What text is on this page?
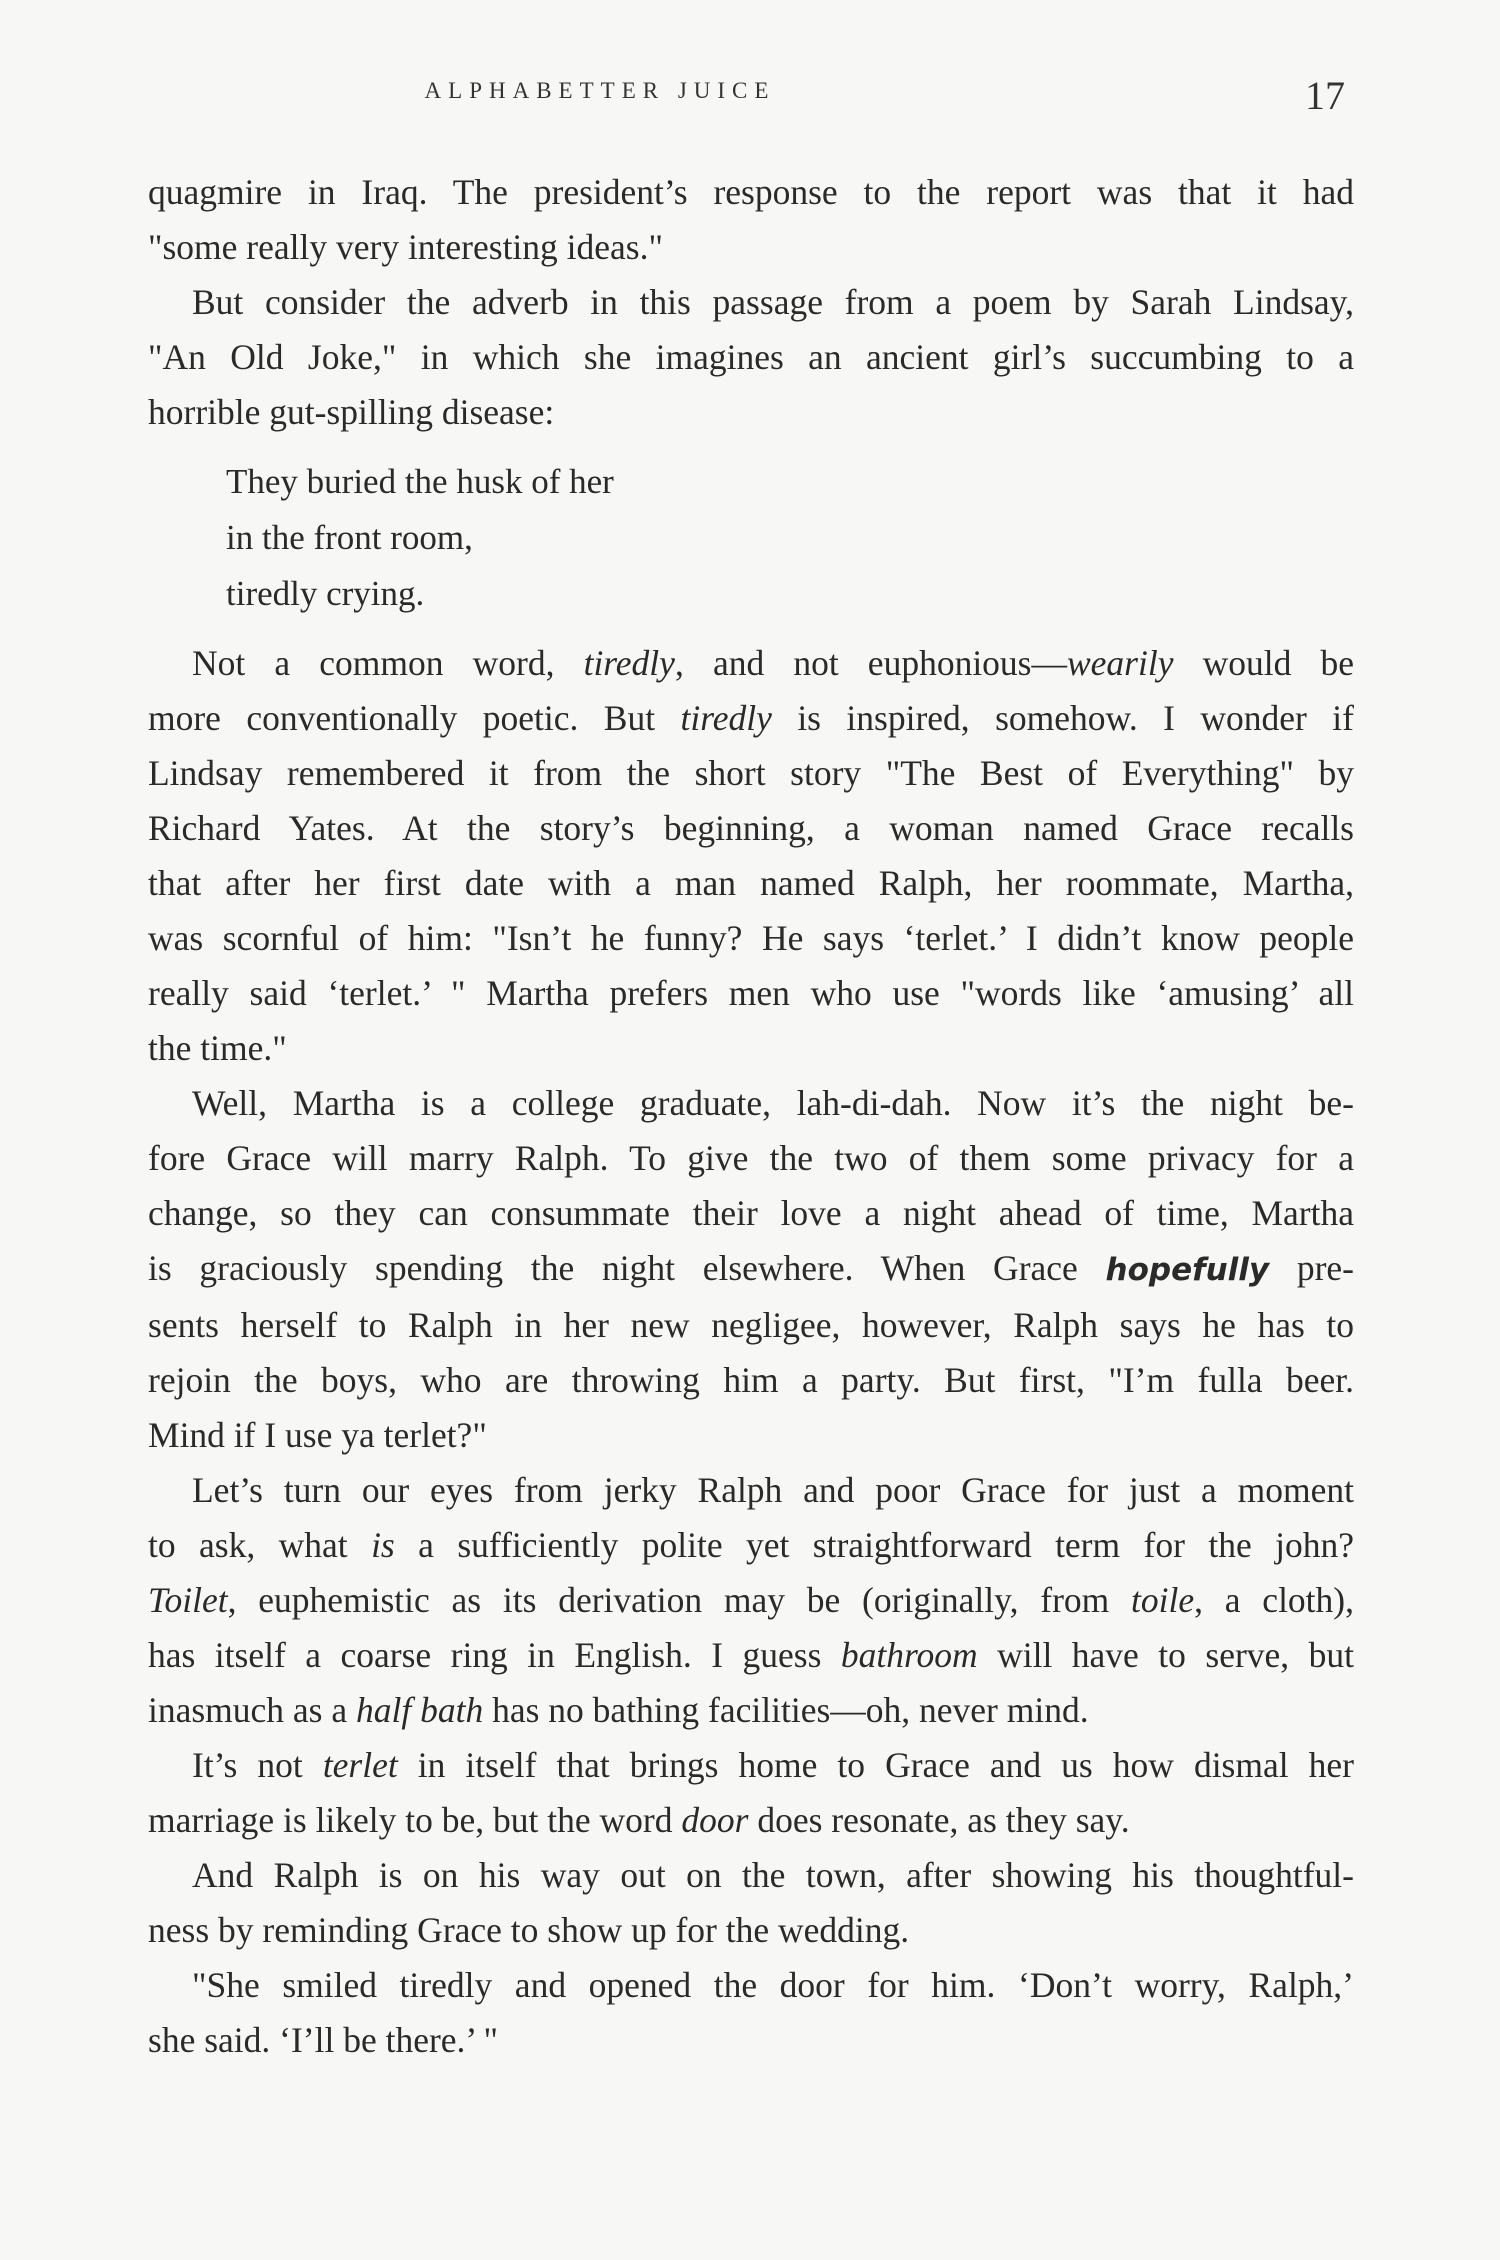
ALPHABETTER JUICE	17

quagmire in Iraq. The president’s response to the report was that it had
"some really very interesting ideas."

But consider the adverb in this passage from a poem by Sarah Lindsay,
"An Old Joke," in which she imagines an ancient girl’s succumbing to a
horrible gut-spilling disease:

They buried the husk of her
in the front room,
tiredly crying.

Not a common word, tiredly, and not euphonious—wearily would be
more conventionally poetic. But tiredly is inspired, somehow. I wonder if
Lindsay remembered it from the short story "The Best of Everything" by
Richard Yates. At the story’s beginning, a woman named Grace recalls
that after her first date with a man named Ralph, her roommate, Martha,
was scornful of him: "Isn’t he funny? He says ‘terlet.’ I didn’t know people
really said ‘terlet.’ " Martha prefers men who use "words like ‘amusing’ all
the time."

Well, Martha is a college graduate, lah-di-dah. Now it’s the night be-
fore Grace will marry Ralph. To give the two of them some privacy for a
change, so they can consummate their love a night ahead of time, Martha
is graciously spending the night elsewhere. When Grace hopefully pre-
sents herself to Ralph in her new negligee, however, Ralph says he has to
rejoin the boys, who are throwing him a party. But first, "I’m fulla beer.
Mind if I use ya terlet?"

Let’s turn our eyes from jerky Ralph and poor Grace for just a moment
to ask, what is a sufficiently polite yet straightforward term for the john?
Toilet, euphemistic as its derivation may be (originally, from toile, a cloth),
has itself a coarse ring in English. I guess bathroom will have to serve, but
inasmuch as a half bath has no bathing facilities—oh, never mind.

It’s not terlet in itself that brings home to Grace and us how dismal her
marriage is likely to be, but the word door does resonate, as they say.

And Ralph is on his way out on the town, after showing his thoughtful-
ness by reminding Grace to show up for the wedding.

"She smiled tiredly and opened the door for him. ‘Don’t worry, Ralph,’
she said. ‘I’ll be there.’ "
